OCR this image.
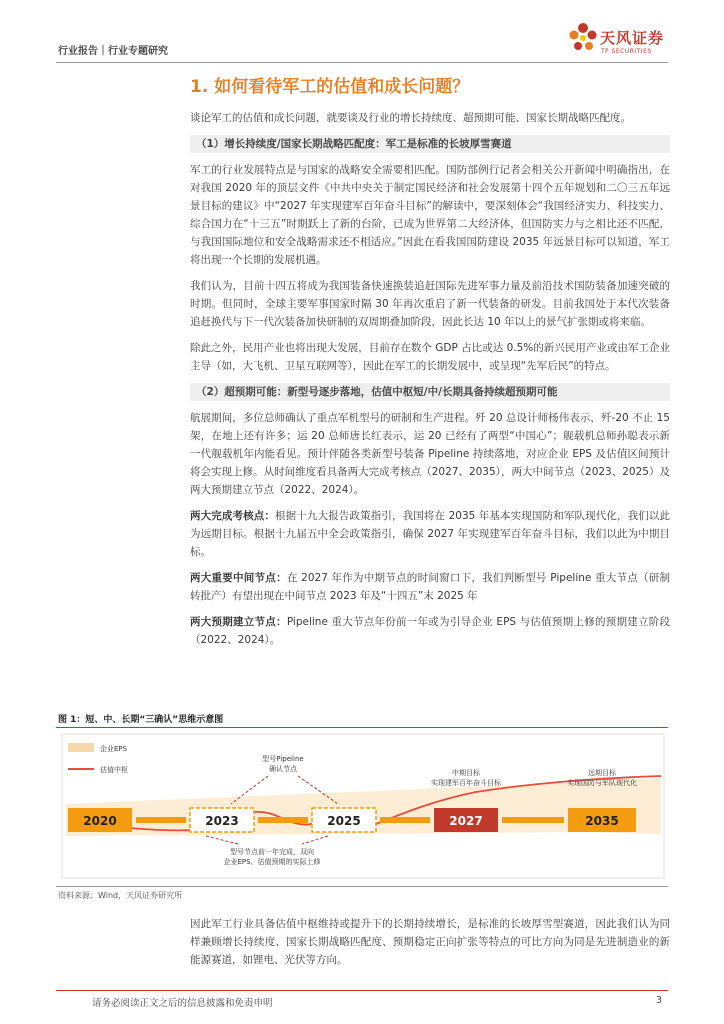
行业报告｜行业专题研究
天风证券
TF SECURITIES
1. 如何看待军工的估值和成长问题？

谈论军工的估值和成长问题，就要谈及行业的增长持续度、超预期可能、国家长期战略匹配度。

（1）增长持续度/国家长期战略匹配度：军工是标准的长坡厚雪赛道

军工的行业发展特点是与国家的战略安全需要相匹配。国防部例行记者会相关公开新闻中明确指出，在对我国 2020 年的顶层文件《中共中央关于制定国民经济和社会发展第十四个五年规划和二〇三五年远景目标的建议》中“2027 年实现建军百年奋斗目标”的解读中，要深刻体会“我国经济实力、科技实力、综合国力在“十三五”时期跃上了新的台阶，已成为世界第二大经济体，但国防实力与之相比还不匹配，与我国国际地位和安全战略需求还不相适应。”因此在看我国国防建设 2035 年远景目标可以知道，军工将出现一个长期的发展机遇。

我们认为，目前十四五将成为我国装备快速换装追赶国际先进军事力量及前沿技术国防装备加速突破的时期。但同时，全球主要军事国家时隔 30 年再次重启了新一代装备的研发。目前我国处于本代次装备追赶换代与下一代次装备加快研制的双周期叠加阶段，因此长达 10 年以上的景气扩张期或将来临。

除此之外，民用产业也将出现大发展，目前存在数个 GDP 占比或达 0.5%的新兴民用产业或由军工企业主导（如，大飞机、卫星互联网等），因此在军工的长期发展中，或呈现“先军后民”的特点。

（2）超预期可能：新型号逐步落地，估值中枢短/中/长期具备持续超预期可能

航展期间，多位总师确认了重点军机型号的研制和生产进程。歼 20 总设计师杨伟表示，歼-20 不止 15 架，在地上还有许多；运 20 总师唐长红表示，运 20 已经有了两型“中国心”；舰载机总师孙聪表示新一代舰载机年内能看见。预计伴随各类新型号装备 Pipeline 持续落地，对应企业 EPS 及估值区间预计将会实现上修。从时间维度看具备两大完成考核点（2027、2035），两大中间节点（2023、2025）及两大预期建立节点（2022、2024）。

两大完成考核点：根据十九大报告政策指引，我国将在 2035 年基本实现国防和军队现代化，我们以此为远期目标。根据十九届五中全会政策指引，确保 2027 年实现建军百年奋斗目标，我们以此为中期目标。

两大重要中间节点：在 2027 年作为中期节点的时间窗口下，我们判断型号 Pipeline 重大节点（研制转批产）有望出现在中间节点 2023 年及“十四五”末 2025 年

两大预期建立节点：Pipeline 重大节点年份前一年或为引导企业 EPS 与估值预期上修的预期建立阶段（2022、2024）。

图 1：短、中、长期“三确认”思维示意图
企业EPS
估值中枢
2020	2023	2025	2027	2035
型号Pipeline
确认节点	中期目标
实现建军百年奋斗目标
远期目标
实现国防与军队现代化
型号节点前一年完成，双向
企业EPS、估值预期的实际上修
资料来源：Wind，天风证券研究所

因此军工行业具备估值中枢维持或提升下的长期持续增长，是标准的长坡厚雪型赛道，因此我们认为同样兼顾增长持续度、国家长期战略匹配度、预期稳定正向扩张等特点的可比方向为同是先进制造业的新能源赛道，如锂电、光伏等方向。

请务必阅读正文之后的信息披露和免责申明	3
